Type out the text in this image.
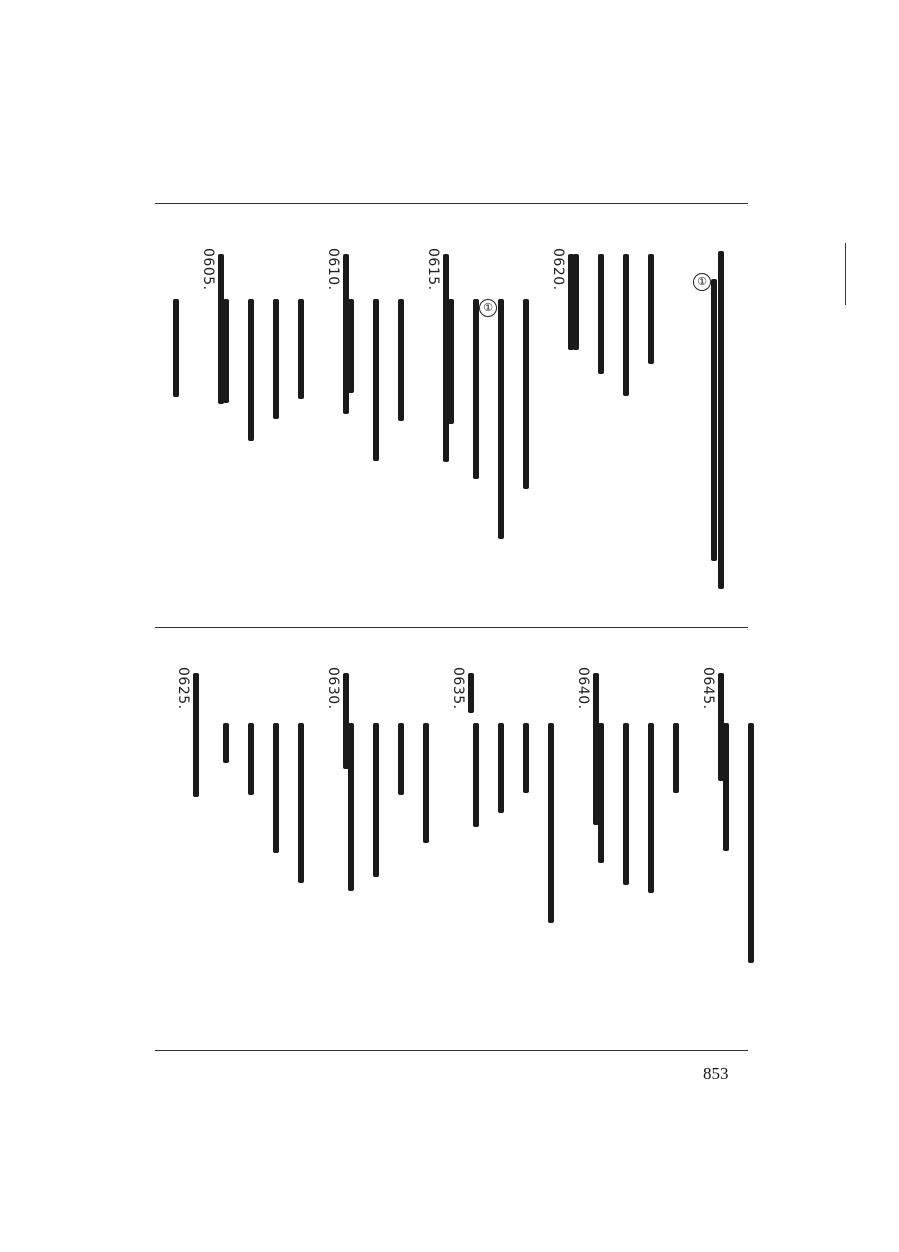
①
0620.
①
0615.
0610.
0605.
0645.
0640.
0635.
0630.
0625.
853
